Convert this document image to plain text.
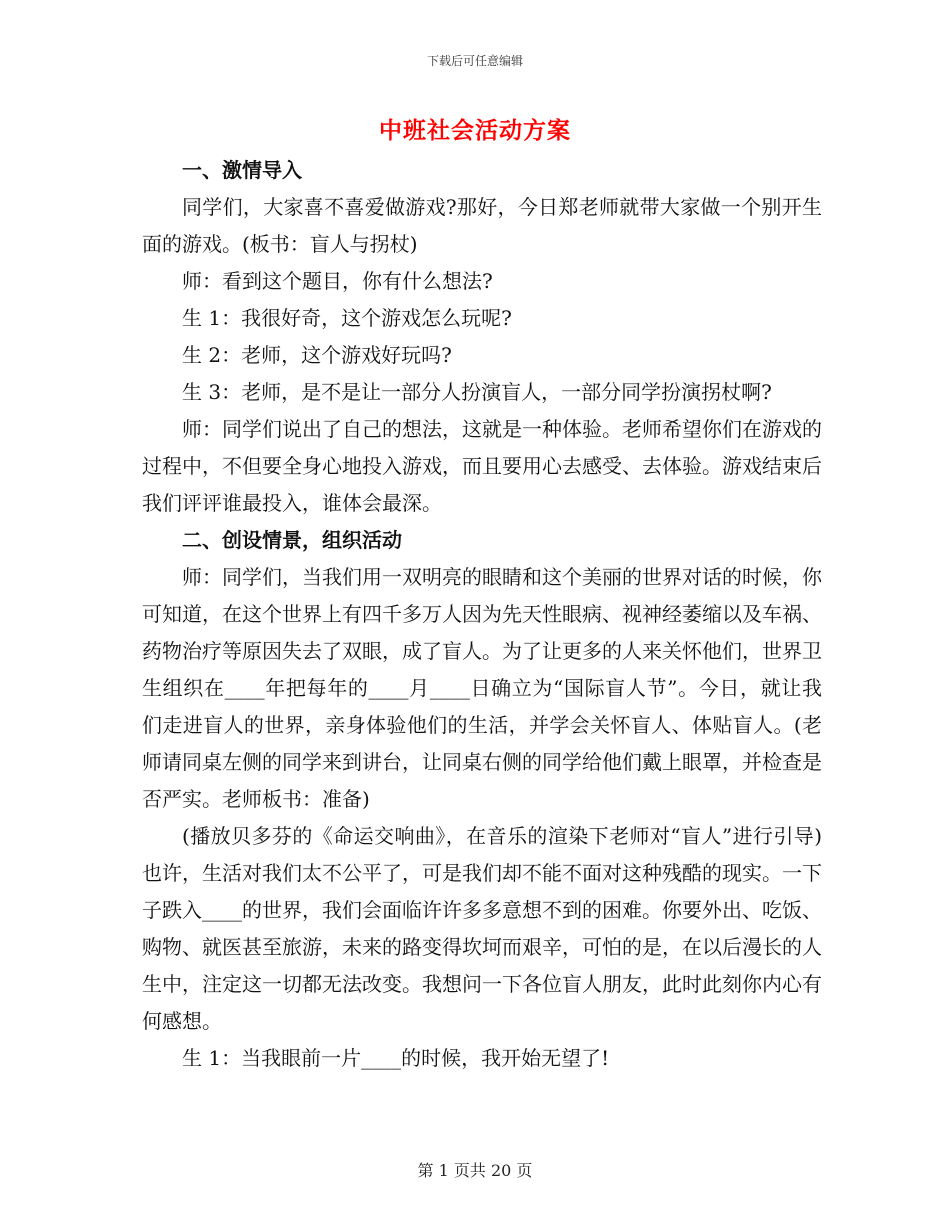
下载后可任意编辑
中班社会活动方案

一、激情导入

同学们，大家喜不喜爱做游戏?那好，今日郑老师就带大家做一个别开生面的游戏。(板书：盲人与拐杖)

师：看到这个题目，你有什么想法?

生 1：我很好奇，这个游戏怎么玩呢?

生 2：老师，这个游戏好玩吗?

生 3：老师，是不是让一部分人扮演盲人，一部分同学扮演拐杖啊?

师：同学们说出了自己的想法，这就是一种体验。老师希望你们在游戏的过程中，不但要全身心地投入游戏，而且要用心去感受、去体验。游戏结束后我们评评谁最投入，谁体会最深。

二、创设情景，组织活动

师：同学们，当我们用一双明亮的眼睛和这个美丽的世界对话的时候，你可知道，在这个世界上有四千多万人因为先天性眼病、视神经萎缩以及车祸、药物治疗等原因失去了双眼，成了盲人。为了让更多的人来关怀他们，世界卫生组织在____年把每年的____月____日确立为“国际盲人节”。今日，就让我们走进盲人的世界，亲身体验他们的生活，并学会关怀盲人、体贴盲人。(老师请同桌左侧的同学来到讲台，让同桌右侧的同学给他们戴上眼罩，并检查是否严实。老师板书：准备)

(播放贝多芬的《命运交响曲》，在音乐的渲染下老师对“盲人”进行引导)也许，生活对我们太不公平了，可是我们却不能不面对这种残酷的现实。一下子跌入____的世界，我们会面临许许多多意想不到的困难。你要外出、吃饭、购物、就医甚至旅游，未来的路变得坎坷而艰辛，可怕的是，在以后漫长的人生中，注定这一切都无法改变。我想问一下各位盲人朋友，此时此刻你内心有何感想。

生 1：当我眼前一片____的时候，我开始无望了!

第 1 页共 20 页
